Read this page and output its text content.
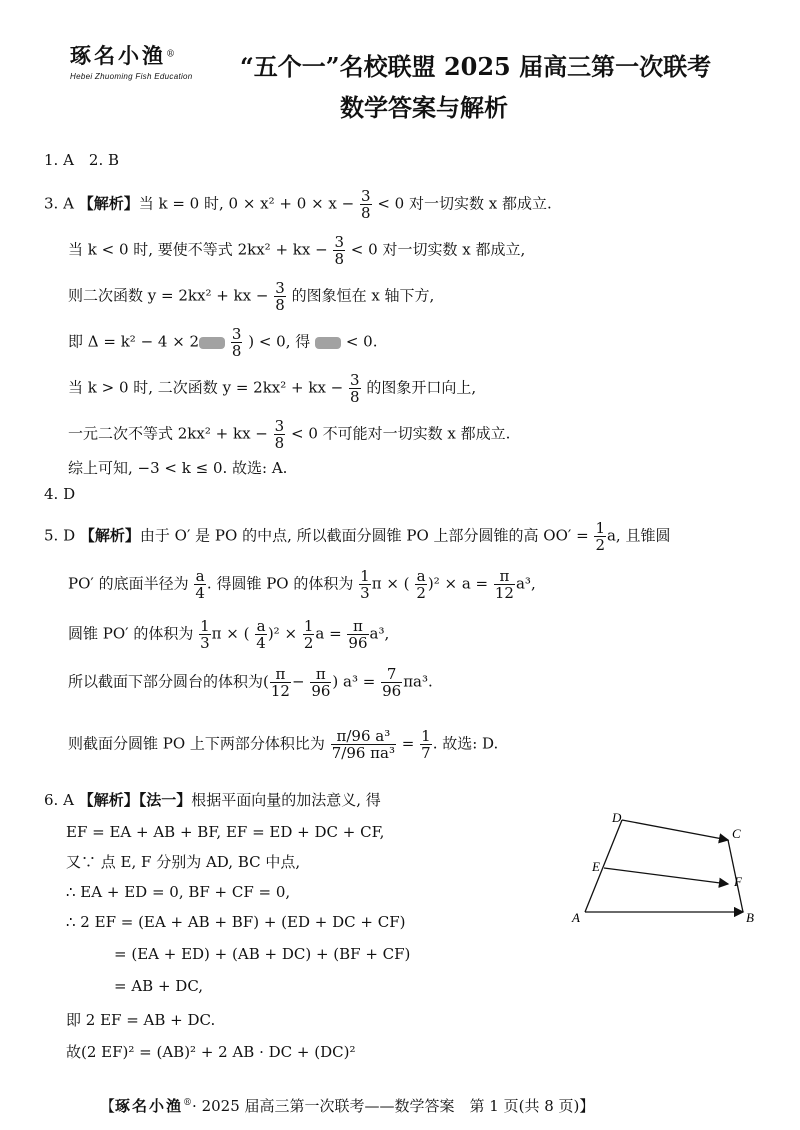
琢名小渔®
Hebei Zhuoming Fish Education	“五个一”名校联盟 2025 届高三第一次联考
数学答案与解析
1. A　2. B
3. A 【解析】当 k = 0 时, $0 \times x^2 + 0 \times x - \frac{3}{8} < 0$ 对一切实数 x 都成立.
当 k < 0 时, 要使不等式 2kx² + kx − $\frac{3}{8} < 0$ 对一切实数 x 都成立,
则二次函数 y = 2kx² + kx − $\frac{3}{8}$ 的图象恒在 x 轴下方,
即 $\Delta = k^2 - 4 \times 2 \frac{3}{8}$ ) < 0, 得 < 0.
当 k > 0 时, 二次函数 y = 2kx² + kx − $\frac{3}{8}$ 的图象开口向上,
一元二次不等式 2kx² + kx − $\frac{3}{8} < 0$ 不可能对一切实数 x 都成立.
综上可知, −3 < k ≤ 0. 故选: A.
4. D
5. D 【解析】由于 O′ 是 PO 的中点, 所以截面分圆锥 PO 上部分圆锥的高 $OO' = \frac{1}{2} a$, 且锥圆
PO′ 的底面半径为 $\frac{a}{4}$ . 得圆锥 PO 的体积为 $\frac{1}{3}$ π × ( $\frac{a}{2} )^2 \times a = \frac{\pi}{12} a^3$,
圆锥 PO′ 的体积为 $\frac{1}{3}$ π × ( $\frac{a}{4} )^2 \times \frac{1}{2}$ $a = \frac{\pi}{96} a^3$,
所以截面下部分圆台的体积为( $\frac{\pi}{12} - \frac{\pi}{96}$ ) $a^3 = \frac{7}{96} \pi a^3$.
则截面分圆锥 PO 上下两部分体积比为 $\frac{\text{π/96 a³}}{\text{7/96 πa³}} = \frac{1}{7}$ . 故选: D.
6. A 【解析】【法一】根据平面向量的加法意义, 得
EF = EA + AB + BF, EF = ED + DC + CF,
又∵ 点 E, F 分别为 AD, BC 中点,
∴ EA + ED = 0, BF + CF = 0,
∴ 2 EF = (EA + AB + BF) + (ED + DC + CF)
= (EA + ED) + (AB + DC) + (BF + CF)
= AB + DC,
即 2 EF = AB + DC.
故(2 EF)² = (AB)² + 2 AB · DC + (DC)²
D
C
E
F
A	B
【琢名小渔®· 2025 届高三第一次联考——数学答案　第 1 页(共 8 页)】
